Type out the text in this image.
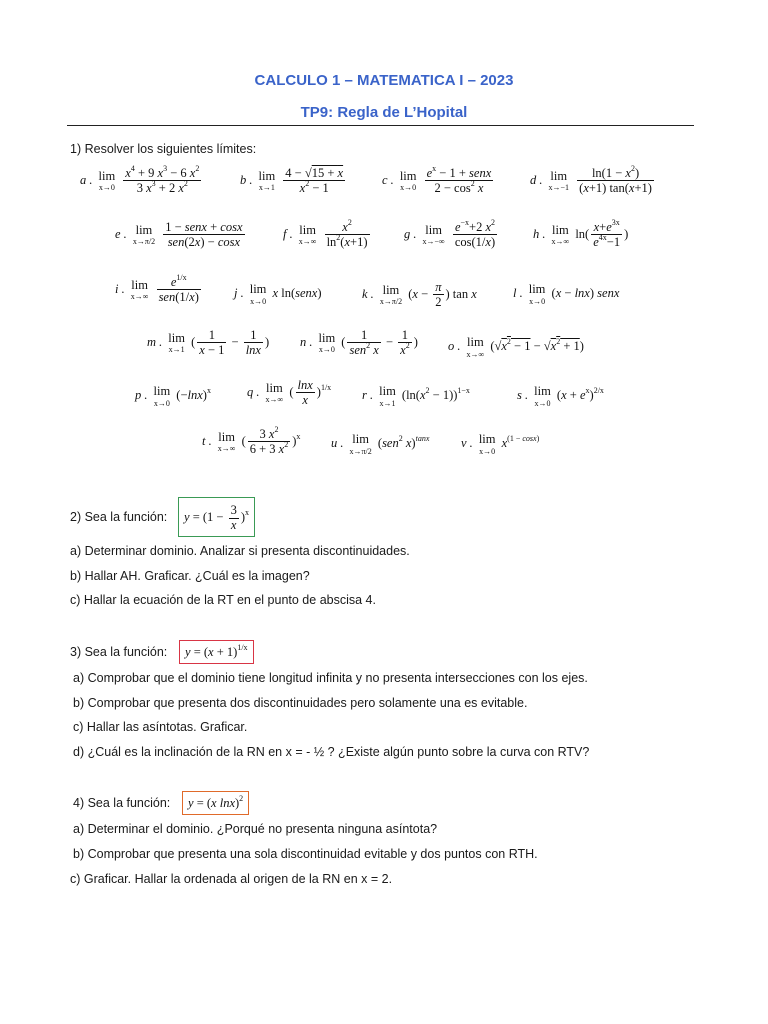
CALCULO 1 – MATEMATICA I – 2023
TP9: Regla de L’Hopital
1) Resolver los siguientes límites:
a . lim
x→0
$\frac{x^4 + 9 x^3 - 6 x^2}{3 x^3 + 2 x^2}$	b . lim
x→1
$\frac{4 - √15 + x}{x^2 - 1}$	c . lim
x→0
$\frac{e^x - 1 + senx}{2 - \cos^2 x}$	d . lim
x→−1
$\frac{\ln(1 - x^2)}{(x+1) \tan(x+1)}$
e . lim
x→π/2
$\frac{\text{1 − senx + cosx}}{\text{sen(2x) − cosx}}$	f . lim
x→∞
$\frac{x^2}{\ln^2(x+1)}$	g . lim
x→−∞
$\frac{e^{-x}+2 x^2}{\cos(1/x)}$	h . lim
x→∞
$\ln( \frac{x+e^{3x}}{e^{4x}-1}$ )
i . lim
x→∞
$\frac{e^{1/x}}{\text{sen(1/x)}}$	j . lim
x→0
x ln(senx)	k . lim
x→π/2
($x - \frac{\pi}{2}$ ) tan x	l . lim
x→0
(x − lnx) senx
m . lim
x→1
( $\frac{1}{x - 1} - \frac{1}{\ln x}$ ) n . lim
x→0
( $\frac{1}{sen^2 x} - \frac{1}{x^2}$ ) o . lim
x→∞
$(√x^2 - 1 - √x^2 + 1)$
p . lim
x→0
$(-\ln x)^x$	q . lim
x→∞
( $\frac{\ln x}{x} )^{1/x}$
r . lim
x→1
$(\ln(x^2 - 1))^{1-x}$	s . lim
x→0
$(x + e^x)^{2/x}$
t . lim
x→∞
( $\frac{3 x^2}{6 + 3 x^2} )^x$ u . lim
x→π/2
(sen$^2$ x)$^{tanx}$	v . lim
x→0
$x^{(1 - cosx)}$
2) Sea la función:	$y = (1 - \frac{3}{x} )^x$
a) Determinar dominio. Analizar si presenta discontinuidades.
b) Hallar AH. Graficar. ¿Cuál es la imagen?
c) Hallar la ecuación de la RT en el punto de abscisa 4.
3) Sea la función:	$y = (x + 1)^{1/x}$
a) Comprobar que el dominio tiene longitud infinita y no presenta intersecciones con los ejes.
b) Comprobar que presenta dos discontinuidades pero solamente una es evitable.
c) Hallar las asíntotas. Graficar.
d) ¿Cuál es la inclinación de la RN en x = - ½ ? ¿Existe algún punto sobre la curva con RTV?
4) Sea la función:	y = (x lnx)$^2$
a) Determinar el dominio. ¿Porqué no presenta ninguna asíntota?
b) Comprobar que presenta una sola discontinuidad evitable y dos puntos con RTH.
c) Graficar. Hallar la ordenada al origen de la RN en x = 2.
